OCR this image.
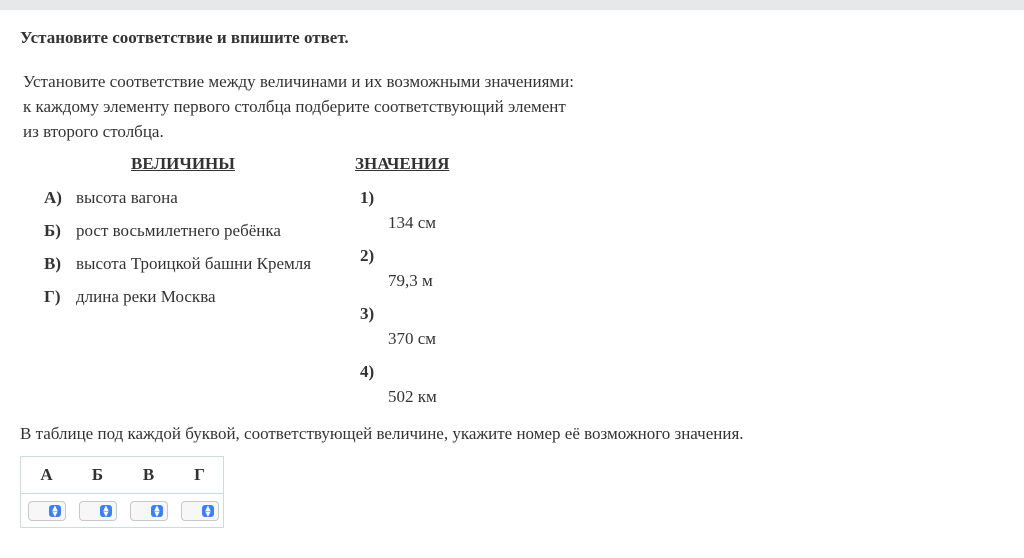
Установите соответствие и впишите ответ.
Установите соответствие между величинами и их возможными значениями:
к каждому элементу первого столбца подберите соответствующий элемент
из второго столбца.
ВЕЛИЧИНЫ	ЗНАЧЕНИЯ
А) высота вагона
Б) рост восьмилетнего ребёнка
В) высота Троицкой башни Кремля
Г) длина реки Москва
1)
134 см
2)
79,3 м
3)
370 см
4)
502 км
В таблице под каждой буквой, соответствующей величине, укажите номер её возможного значения.
А	Б	В	Г
▲
▼
▲
▼
▲
▼
▲
▼
